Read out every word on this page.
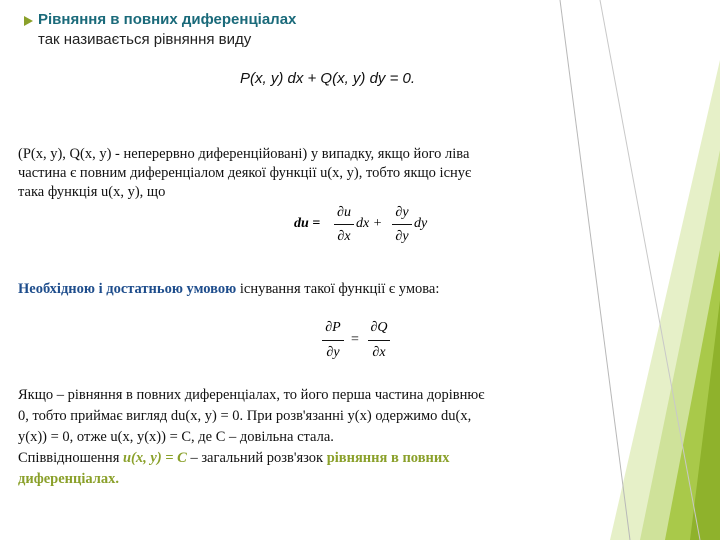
Рівняння в повних диференціалах
так називається рівняння виду
P(x, y) dx + Q(x, y) dy = 0.
(P(x, y), Q(x, y) - неперервно диференційовані) у випадку, якщо його ліва
частина є повним диференціалом деякої функції u(x, y), тобто якщо існує
така функція u(x, y), що
du =
∂u
∂x
dx +
∂y
∂y
dy
Необхідною і достатньою умовою існування такої функції є умова:
∂P
∂y
=
∂Q
∂x
Якщо – рівняння в повних диференціалах, то його перша частина дорівнює
0, тобто приймає вигляд du(x, y) = 0. При розв'язанні y(x) одержимо du(x,
y(x)) = 0, отже u(x, y(x)) = C, де C – довільна стала.
Співвідношення u(x, y) = C – загальний розв'язок рівняння в повних
диференціалах.
